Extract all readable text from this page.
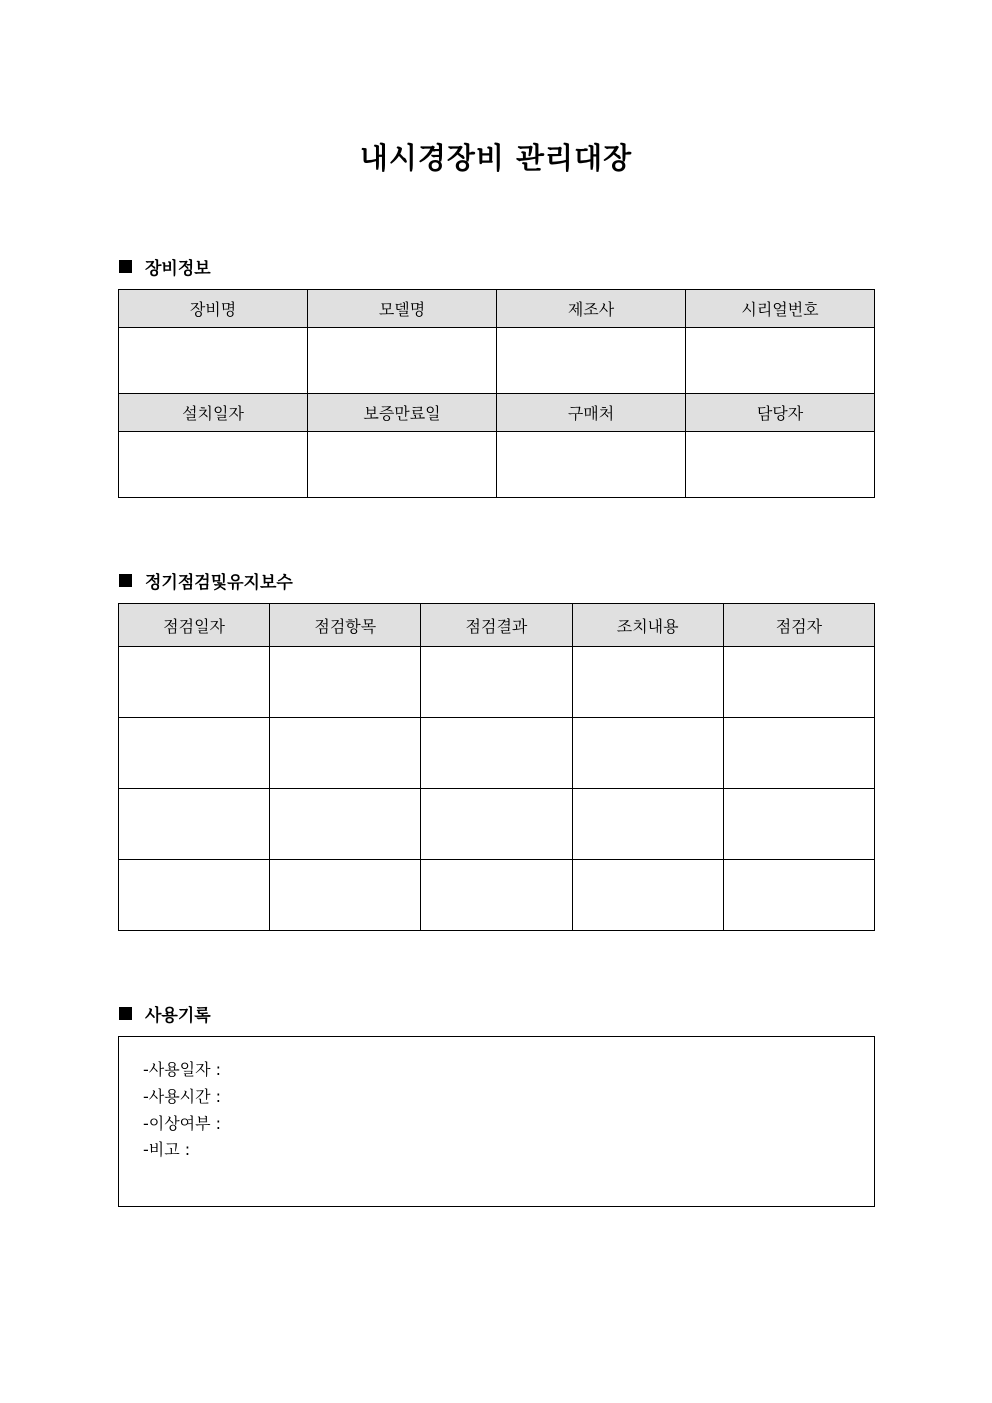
내시경장비 관리대장
장비정보
장비명	모델명	제조사	시리얼번호

설치일자	보증만료일	구매처	담당자

정기점검및유지보수
점검일자	점검항목	점검결과	조치내용	점검자

사용기록
-사용일자 :
-사용시간 :
-이상여부 :
-비고 :
